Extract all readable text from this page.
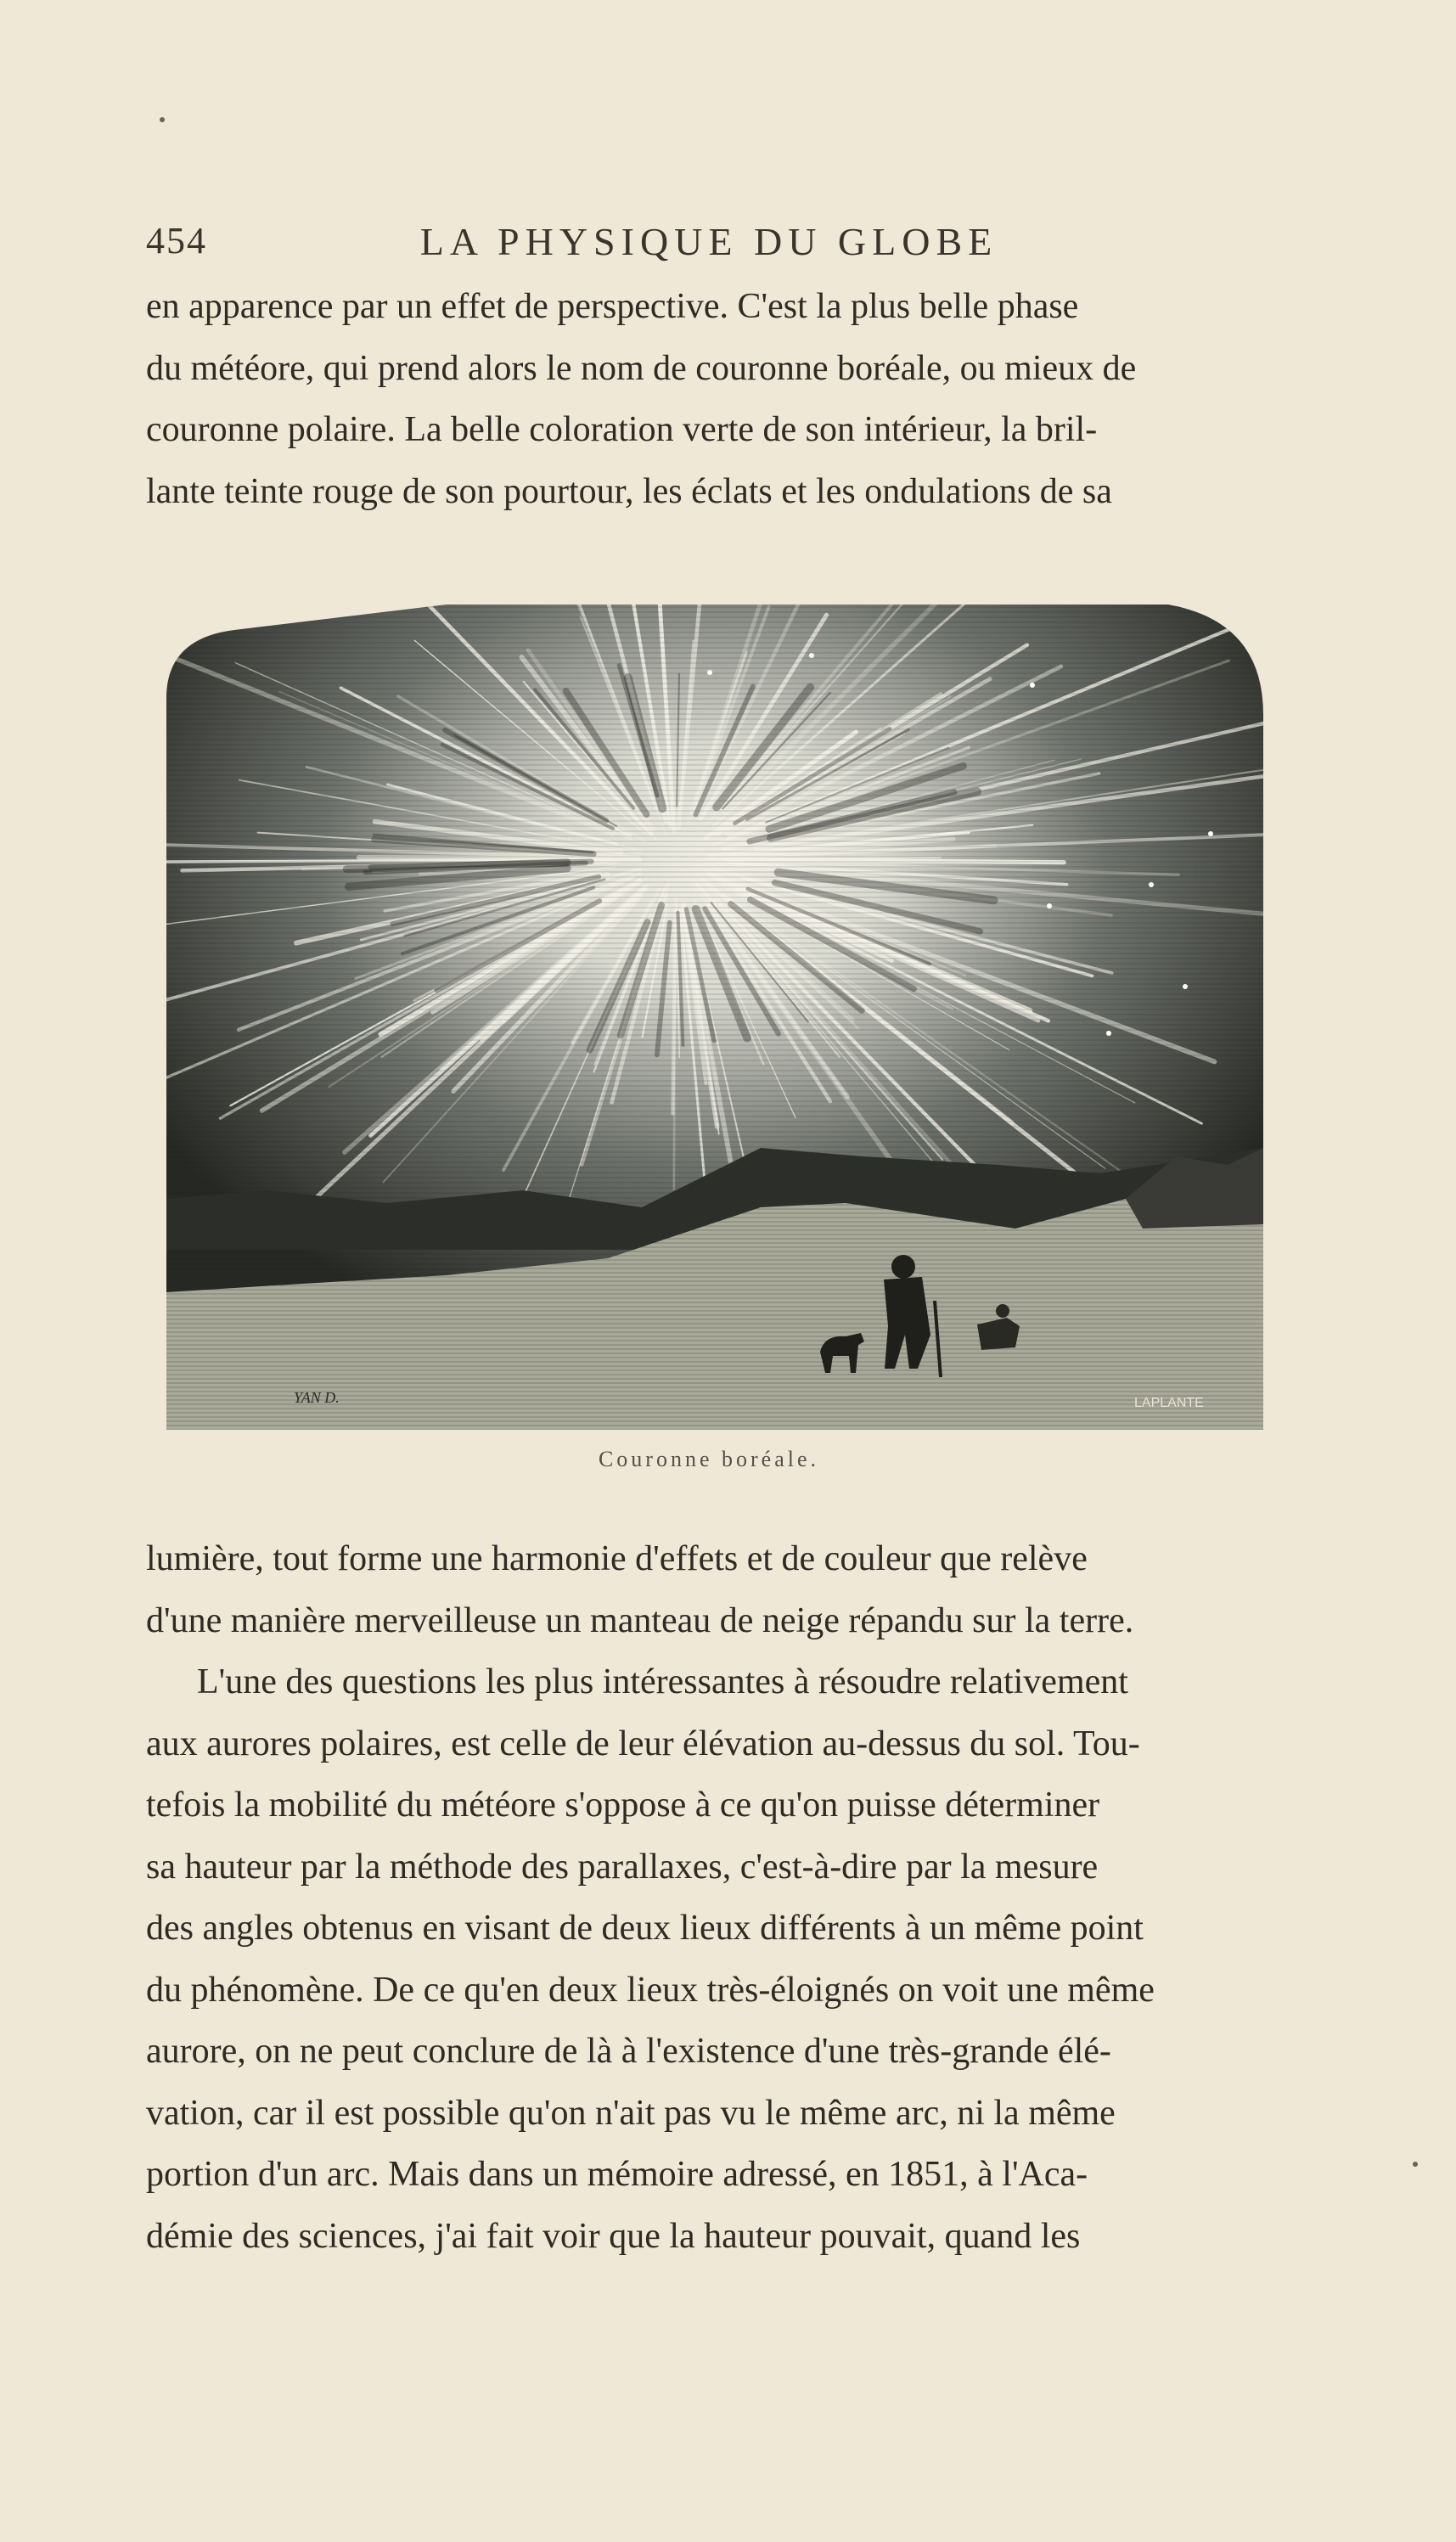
454	LA PHYSIQUE DU GLOBE
en apparence par un effet de perspective. C'est la plus belle phase
du météore, qui prend alors le nom de couronne boréale, ou mieux de
couronne polaire. La belle coloration verte de son intérieur, la bril-
lante teinte rouge de son pourtour, les éclats et les ondulations de sa
YAN D.	LAPLANTE
Couronne boréale.
lumière, tout forme une harmonie d'effets et de couleur que relève
d'une manière merveilleuse un manteau de neige répandu sur la terre.
L'une des questions les plus intéressantes à résoudre relativement
aux aurores polaires, est celle de leur élévation au-dessus du sol. Tou-
tefois la mobilité du météore s'oppose à ce qu'on puisse déterminer
sa hauteur par la méthode des parallaxes, c'est-à-dire par la mesure
des angles obtenus en visant de deux lieux différents à un même point
du phénomène. De ce qu'en deux lieux très-éloignés on voit une même
aurore, on ne peut conclure de là à l'existence d'une très-grande élé-
vation, car il est possible qu'on n'ait pas vu le même arc, ni la même
portion d'un arc. Mais dans un mémoire adressé, en 1851, à l'Aca-
démie des sciences, j'ai fait voir que la hauteur pouvait, quand les
